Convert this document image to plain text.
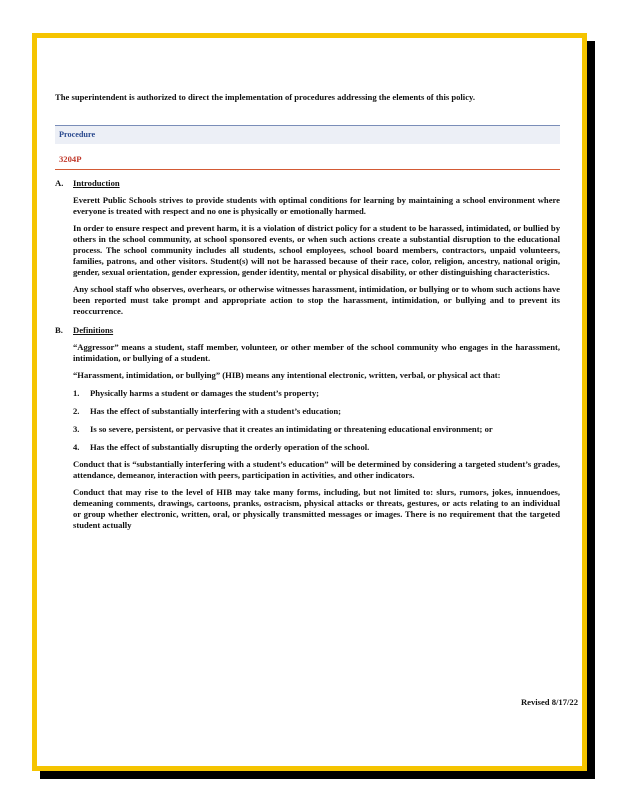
The superintendent is authorized to direct the implementation of procedures addressing the elements of this policy.

Procedure
3204P
A.	Introduction

Everett Public Schools strives to provide students with optimal conditions for learning by maintaining a school environment where everyone is treated with respect and no one is physically or emotionally harmed.

In order to ensure respect and prevent harm, it is a violation of district policy for a student to be harassed, intimidated, or bullied by others in the school community, at school sponsored events, or when such actions create a substantial disruption to the educational process. The school community includes all students, school employees, school board members, contractors, unpaid volunteers, families, patrons, and other visitors. Student(s) will not be harassed because of their race, color, religion, ancestry, national origin, gender, sexual orientation, gender expression, gender identity, mental or physical disability, or other distinguishing characteristics.

Any school staff who observes, overhears, or otherwise witnesses harassment, intimidation, or bullying or to whom such actions have been reported must take prompt and appropriate action to stop the harassment, intimidation, or bullying and to prevent its reoccurrence.

B.	Definitions

“Aggressor” means a student, staff member, volunteer, or other member of the school community who engages in the harassment, intimidation, or bullying of a student.

“Harassment, intimidation, or bullying” (HIB) means any intentional electronic, written, verbal, or physical act that:

1.	Physically harms a student or damages the student’s property;
2.	Has the effect of substantially interfering with a student’s education;
3.	Is so severe, persistent, or pervasive that it creates an intimidating or threatening educational environment; or
4.	Has the effect of substantially disrupting the orderly operation of the school.

Conduct that is “substantially interfering with a student’s education” will be determined by considering a targeted student’s grades, attendance, demeanor, interaction with peers, participation in activities, and other indicators.

Conduct that may rise to the level of HIB may take many forms, including, but not limited to: slurs, rumors, jokes, innuendoes, demeaning comments, drawings, cartoons, pranks, ostracism, physical attacks or threats, gestures, or acts relating to an individual or group whether electronic, written, oral, or physically transmitted messages or images. There is no requirement that the targeted student actually

Revised 8/17/22
